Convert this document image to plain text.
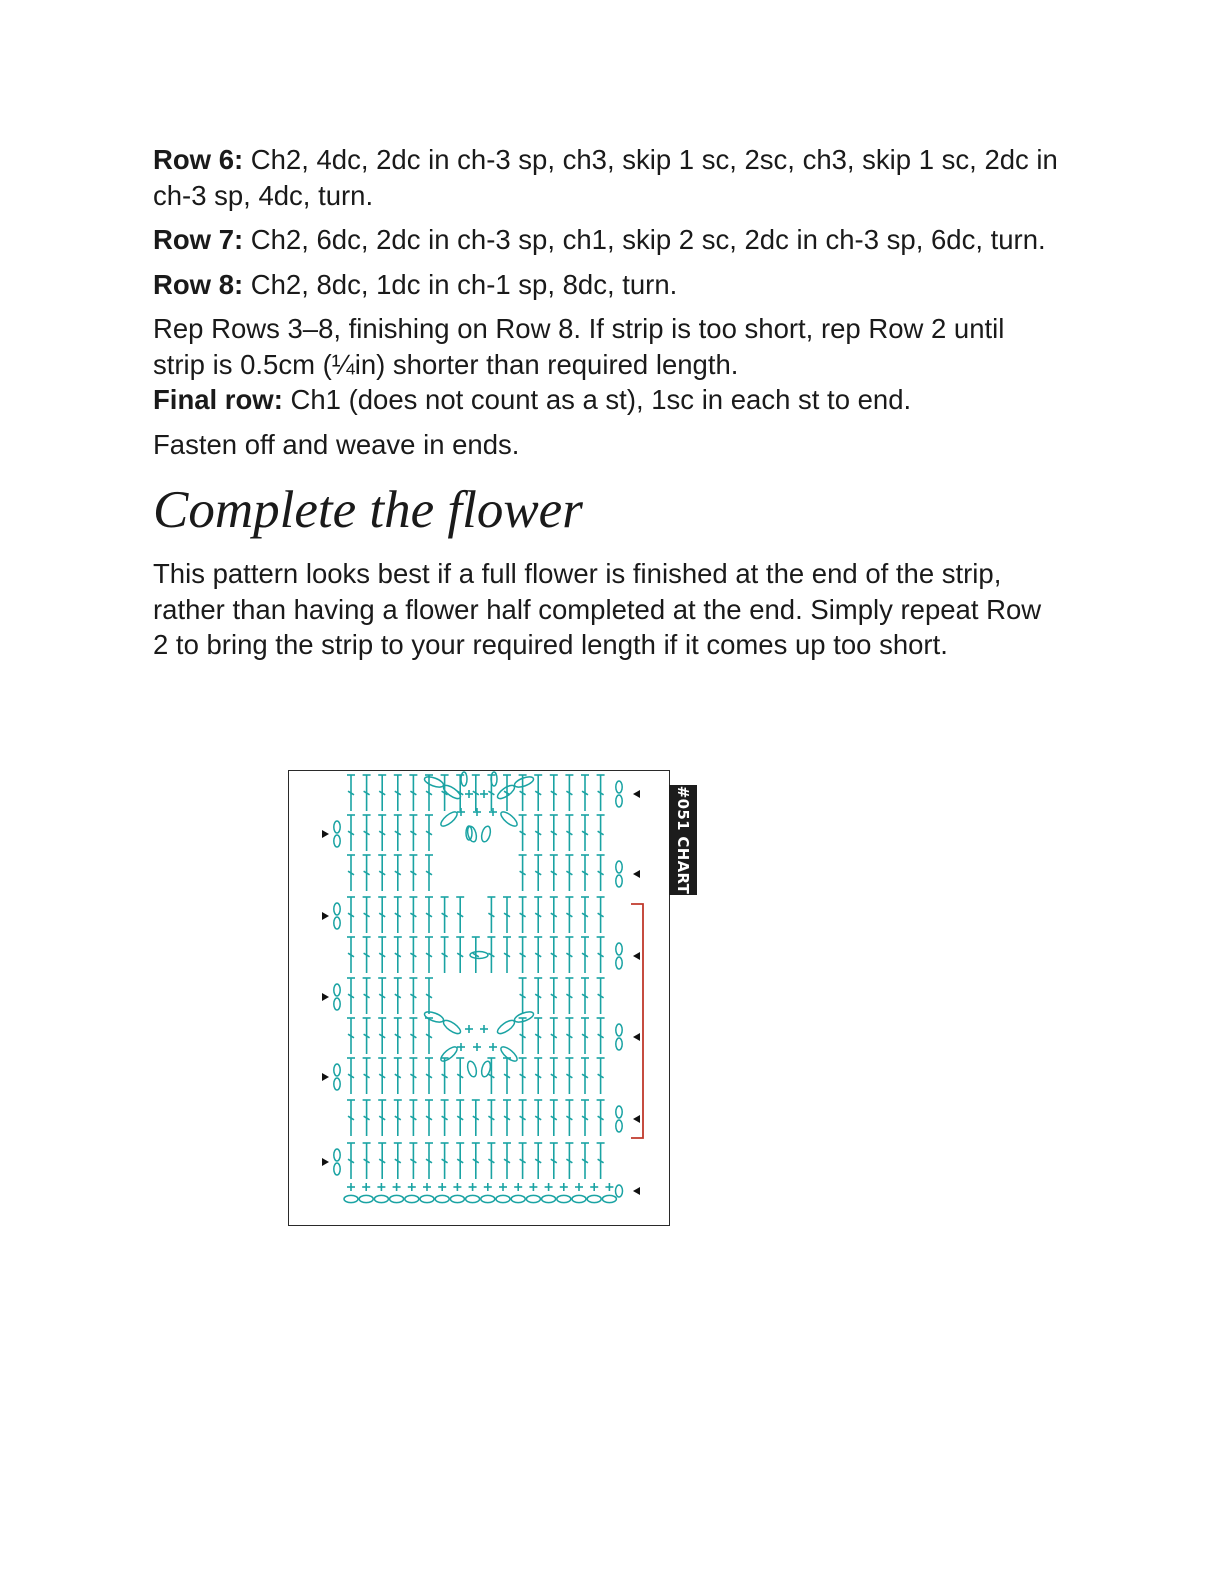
Row 6: Ch2, 4dc, 2dc in ch-3 sp, ch3, skip 1 sc, 2sc, ch3, skip 1 sc, 2dc in ch-3 sp, 4dc, turn.

Row 7: Ch2, 6dc, 2dc in ch-3 sp, ch1, skip 2 sc, 2dc in ch-3 sp, 6dc, turn.

Row 8: Ch2, 8dc, 1dc in ch-1 sp, 8dc, turn.

Rep Rows 3–8, finishing on Row 8. If strip is too short, rep Row 2 until strip is 0.5cm (¼in) shorter than required length.

Final row: Ch1 (does not count as a st), 1sc in each st to end.

Fasten off and weave in ends.

Complete the flower

This pattern looks best if a full flower is finished at the end of the strip, rather than having a flower half completed at the end. Simply repeat Row 2 to bring the strip to your required length if it comes up too short.

#051 CHART
